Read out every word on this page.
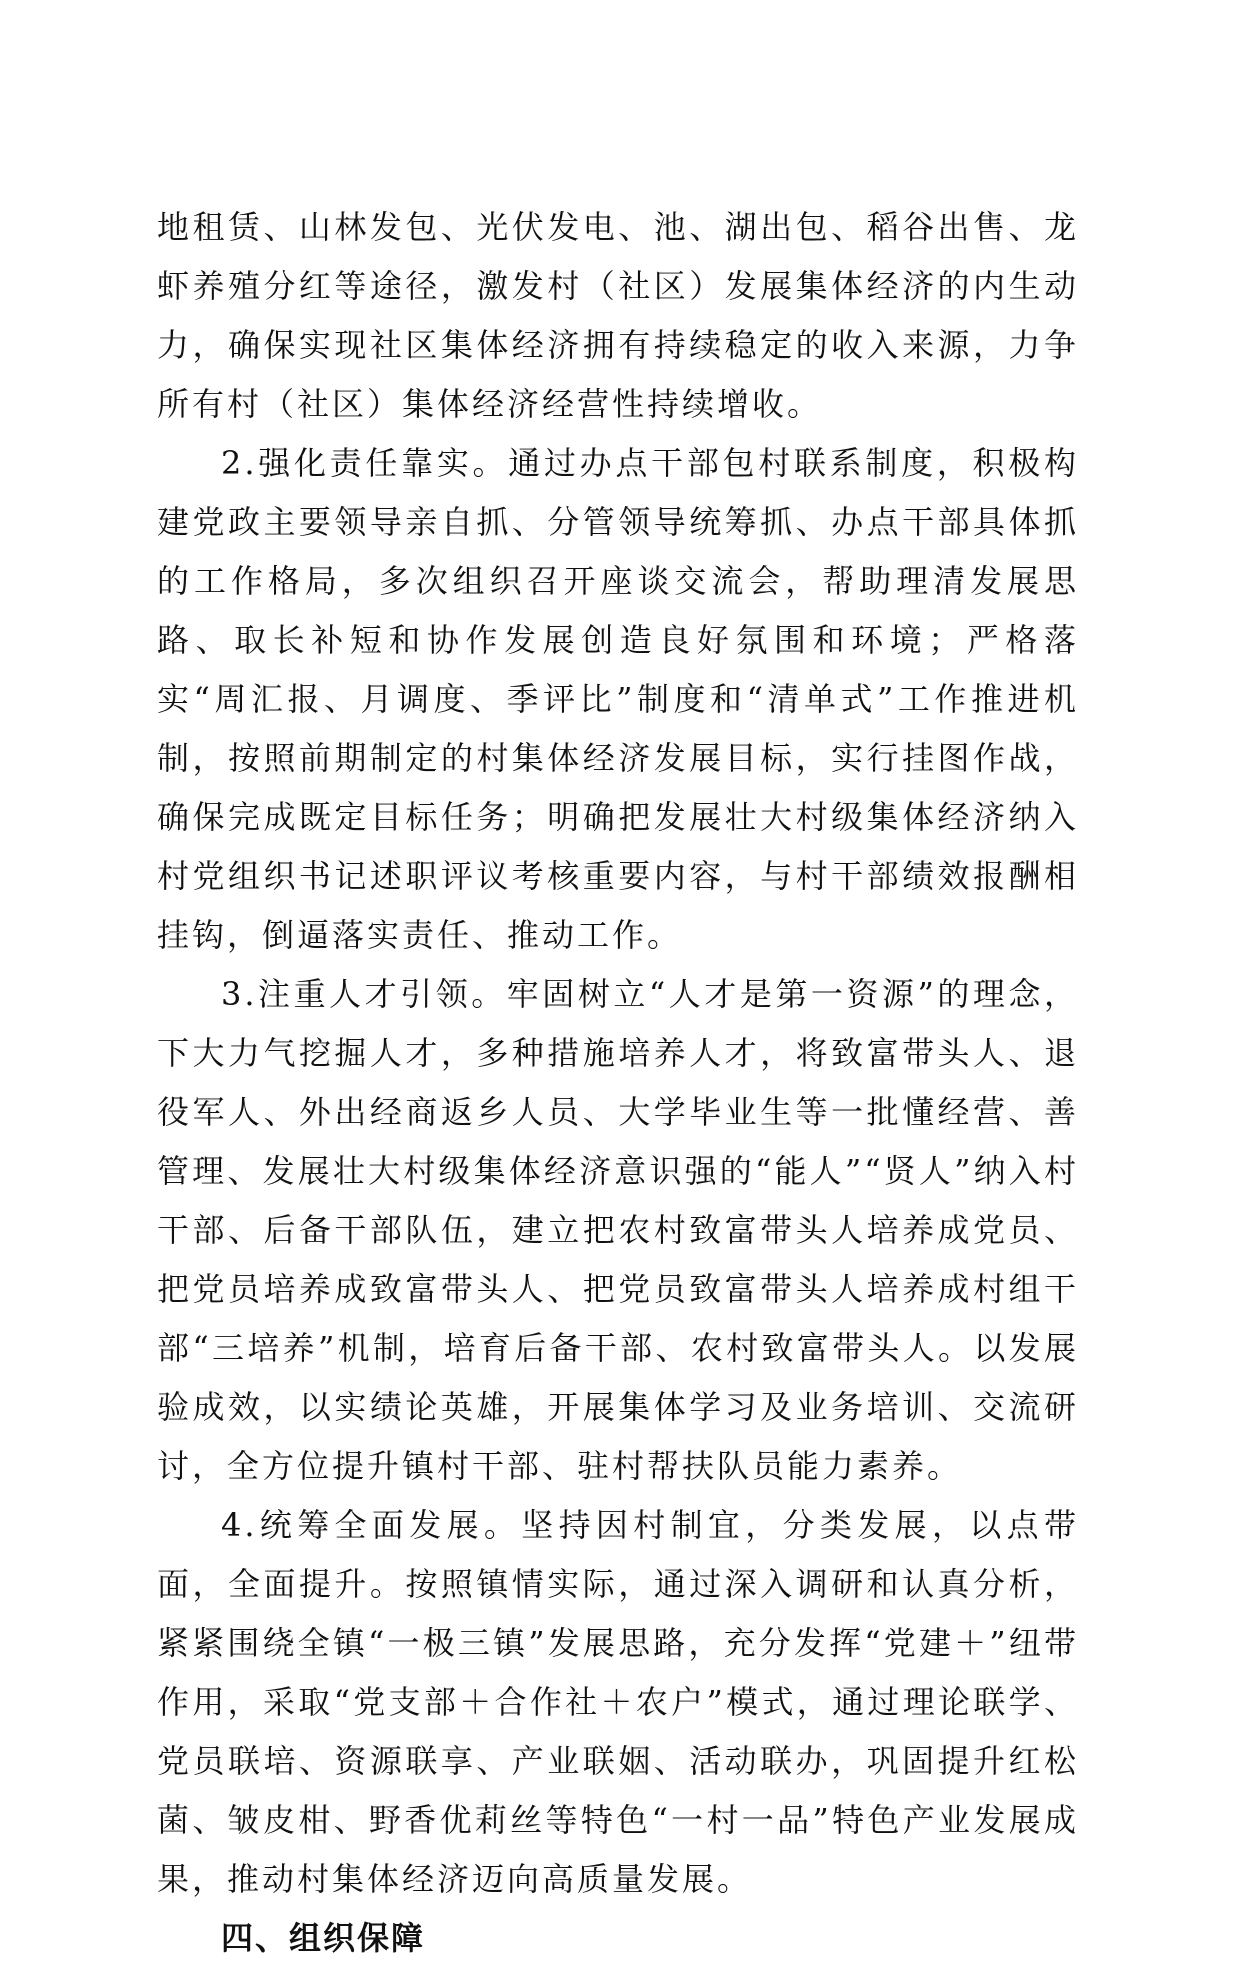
地租赁、山林发包、光伏发电、池、湖出包、稻谷出售、龙虾养殖分红等途径，激发村（社区）发展集体经济的内生动力，确保实现社区集体经济拥有持续稳定的收入来源，力争所有村（社区）集体经济经营性持续增收。

2.强化责任靠实。通过办点干部包村联系制度，积极构建党政主要领导亲自抓、分管领导统筹抓、办点干部具体抓的工作格局，多次组织召开座谈交流会，帮助理清发展思路、取长补短和协作发展创造良好氛围和环境；严格落实“周汇报、月调度、季评比”制度和“清单式”工作推进机制，按照前期制定的村集体经济发展目标，实行挂图作战，确保完成既定目标任务；明确把发展壮大村级集体经济纳入村党组织书记述职评议考核重要内容，与村干部绩效报酬相挂钩，倒逼落实责任、推动工作。

3.注重人才引领。牢固树立“人才是第一资源”的理念，下大力气挖掘人才，多种措施培养人才，将致富带头人、退役军人、外出经商返乡人员、大学毕业生等一批懂经营、善管理、发展壮大村级集体经济意识强的“能人”“贤人”纳入村干部、后备干部队伍，建立把农村致富带头人培养成党员、把党员培养成致富带头人、把党员致富带头人培养成村组干部“三培养”机制，培育后备干部、农村致富带头人。以发展验成效，以实绩论英雄，开展集体学习及业务培训、交流研讨，全方位提升镇村干部、驻村帮扶队员能力素养。

4.统筹全面发展。坚持因村制宜，分类发展，以点带面，全面提升。按照镇情实际，通过深入调研和认真分析，紧紧围绕全镇“一极三镇”发展思路，充分发挥“党建＋”纽带作用，采取“党支部＋合作社＋农户”模式，通过理论联学、党员联培、资源联享、产业联姻、活动联办，巩固提升红松菌、皱皮柑、野香优莉丝等特色“一村一品”特色产业发展成果，推动村集体经济迈向高质量发展。

四、组织保障
